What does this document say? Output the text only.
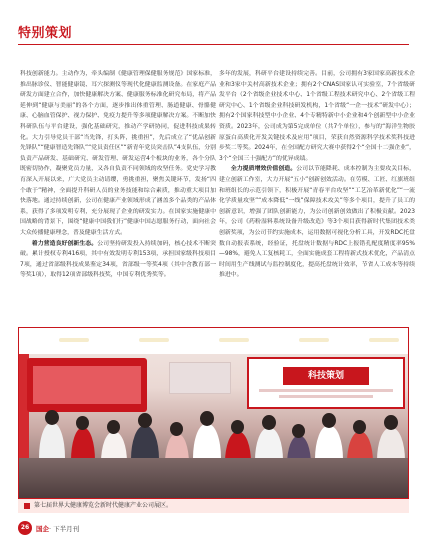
特别策划

科技创新能力。主动作为，牵头编制《健康管理保健服务规范》国家标准，推出脉诊仪、智能健康镜、耳穴探测仪等现代化健康监测设备。在家庭产品研发方面建立合作，加快健康解决方案、健康服务标准化研究布局，将产品延伸到“健康与美丽”的各个方面，逐步推出体重管理、肠道健康、骨骼健康、心脑血管保护、视力保护、免疫力提升等多项健康解决方案。不断加快科研队伍与平台建设，强化基础研究，推动产学研协同，促进科技成果转化。大力引导党员干部“当先锋，打头阵，挑重担”，先后成立了“优品创新先锋队”“健康智造先锋队”“党员责任区”“新青年党员突击队”4支队伍，分别负责产品研发、基础研究、研发管理、研发运营4个板块的业务，各个分队既密切协作，凝聚党员力量，又各自负责不同领域的攻坚任务。党史学习教育深入开展以来，广大党员主动请缨，勇挑重担，聚焦关键环节，发扬“四个敢于”精神，全面提升科研人员的业务技能和综合素质，推动重大项目加快落地。通过持续创新，公司在健康产业领域形成了涵盖多个品类的产品体系，获得了多项发明专利，充分展现了企业的研发实力。在国家实施健康中国战略的背景下，围绕“健康中国我们行”健康中国志愿服务行动，面向社会大众传播健康理念，普及健康生活方式。

着力营造良好创新生态。公司坚持研发投入持续加码，核心技术不断突破。累计授权专利416项，其中有效发明专利153项，承担国家级科技项目7项，通过省部级科技成果鉴定34项，省部级一等奖4项（其中含教育部一等奖1项），取得12项省部级科技奖，中国专利优秀奖等。

多年的发展，科研平台建设持续完善。目前，公司拥有3家国家高新技术企业和3家中关村高新技术企业；拥有2个CNAS国家认可实验室，7个省级研发平台（2个省级企业技术中心、1个省级工程技术研究中心、2个省级工程研究中心、1个省级企业科技研发机构，1个省级“一企一技术”研发中心）；拥有2个国家科技型中小企业、4个专精特新中小企业和4个创新型中小企业资质。2023年，公司成为第5完成单位（共7个单位），参与的“海洋生物胶原蛋白高质化开发关键技术及应用”项目，荣获自然资源科学技术奖科技进步奖二等奖。2024年，在全国配方研究大赛中获得2个“全国十二强企业”，3个“全国三十强配方”的优异成绩。

全力提质增效价值创造。公司以节能降耗、成本控制为主要攻关目标，建立创新工作室，大力开展“五小”创新创效活动。在劳模、工匠、红旗班组和班组长的示范引领下，积极开展“青春平台攻坚”“工艺冶革新优化”“一流化学质量攻坚”“成本降低“一线”保障技术攻关”等多个项目，提升了员工的创新意识，增强了团队创新能力，为公司创新创效做出了积极贡献。2023年，公司《药粉湿料系统设备升级改造》等3个项目获得新时代集团技术类创新奖项，为公司节约实施成本，运用数据可视化分析工具，开发RDC托盘数自动报表系统，经验证，托盘统计数据与RDC上报错孔配度精度率95%—98%，避免人工复核耗工，全面实施成套工程将新式技术优化，产品清点时间用生产线测试与监控制度化，提高托盘统计效率，节省人工成本等持续推进中。

科技策划
第七届世界大健康博览会新时代健康产业公司展区。
26	国企· 下半月刊
